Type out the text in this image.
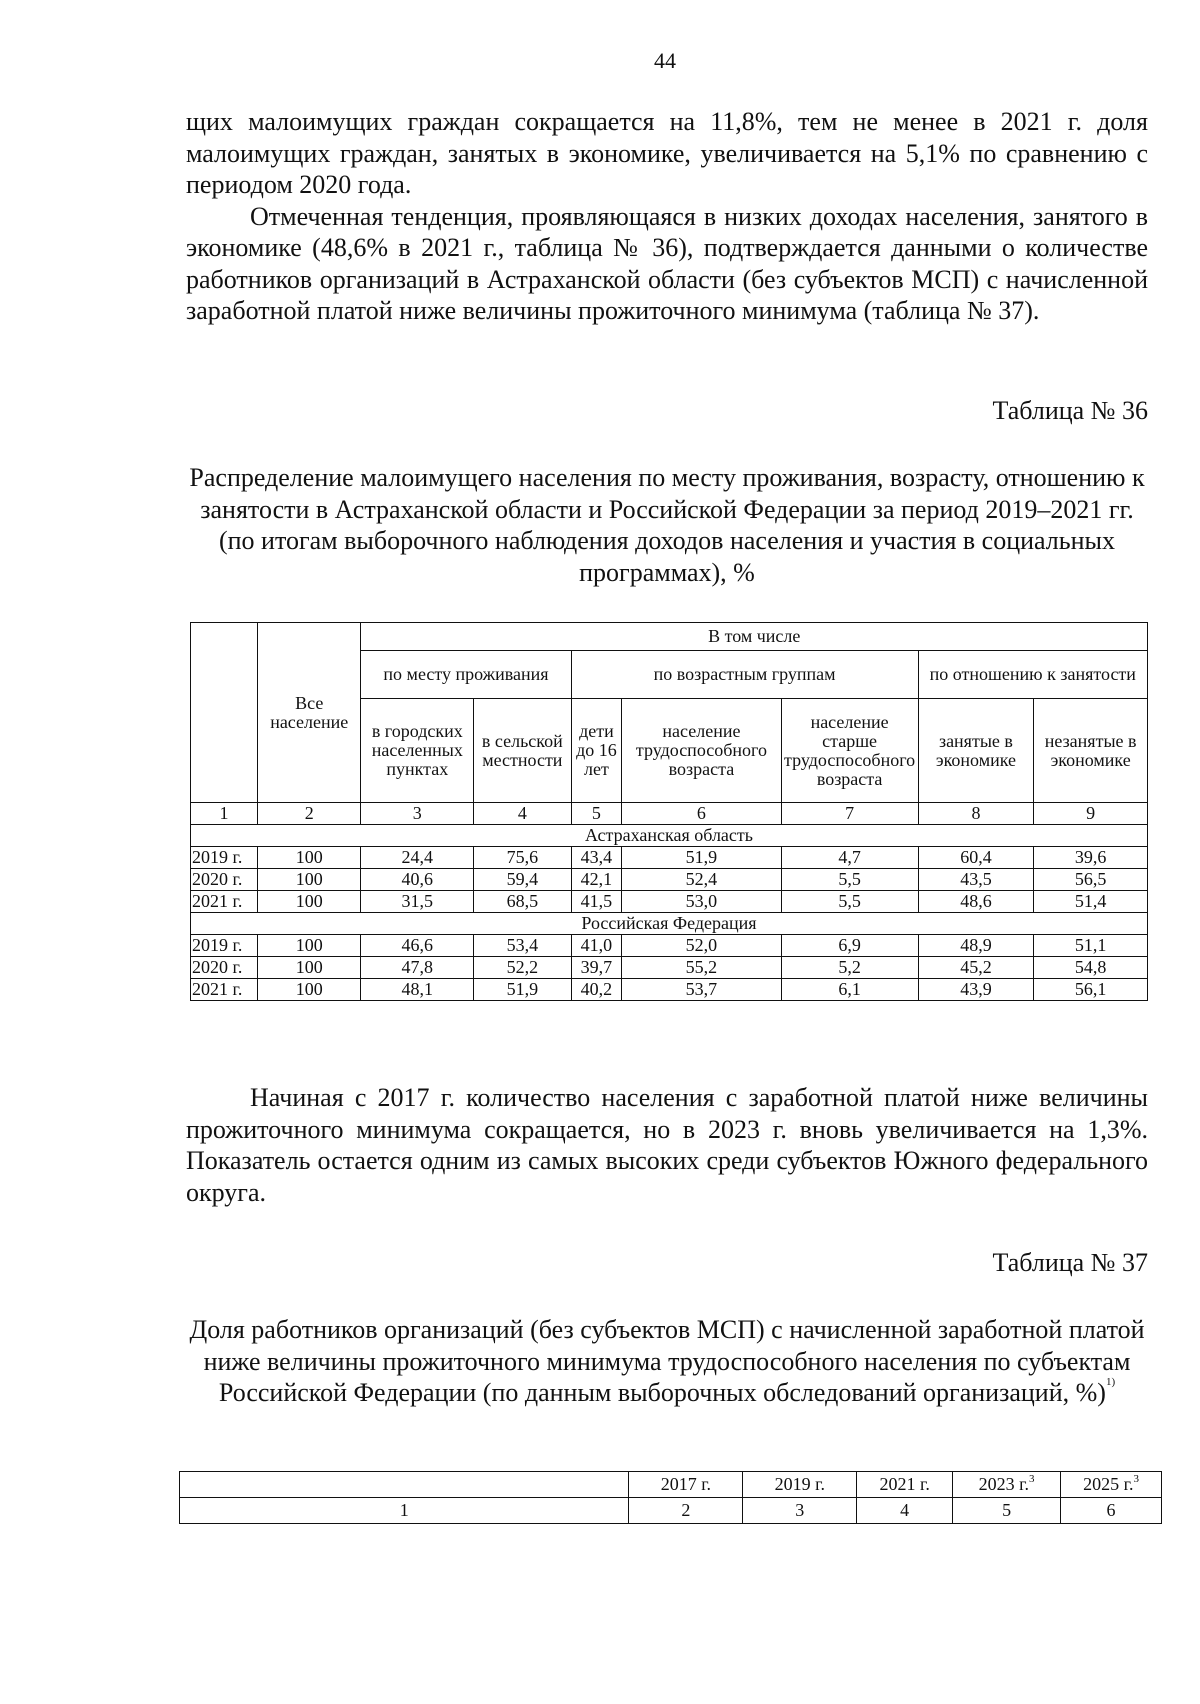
44

щих малоимущих граждан сокращается на 11,8%, тем не менее в 2021 г. доля малоимущих граждан, занятых в экономике, увеличивается на 5,1% по сравнению с периодом 2020 года.

Отмеченная тенденция, проявляющаяся в низких доходах населения, занятого в экономике (48,6% в 2021 г., таблица № 36), подтверждается данными о количестве работников организаций в Астраханской области (без субъектов МСП) с начисленной заработной платой ниже величины прожиточного минимума (таблица № 37).

Таблица № 36
Распределение малоимущего населения по месту проживания, возрасту, отношению к занятости в Астраханской области и Российской Федерации за период 2019–2021 гг. (по итогам выборочного наблюдения доходов населения и участия в социальных программах), %
	Все население	В том числе						
		по месту проживания		по возрастным группам			по отношению к занятости	
		в городских населенных пунктах	в сельской местности	дети до 16 лет	население трудоспособного возраста	население старше трудоспособного возраста	занятые в экономике	незанятые в экономике
1	2	3	4	5	6	7	8	9
Астраханская область								
2019 г.	100	24,4	75,6	43,4	51,9	4,7	60,4	39,6
2020 г.	100	40,6	59,4	42,1	52,4	5,5	43,5	56,5
2021 г.	100	31,5	68,5	41,5	53,0	5,5	48,6	51,4
Российская Федерация								
2019 г.	100	46,6	53,4	41,0	52,0	6,9	48,9	51,1
2020 г.	100	47,8	52,2	39,7	55,2	5,2	45,2	54,8
2021 г.	100	48,1	51,9	40,2	53,7	6,1	43,9	56,1

Начиная с 2017 г. количество населения с заработной платой ниже величины прожиточного минимума сокращается, но в 2023 г. вновь увеличивается на 1,3%. Показатель остается одним из самых высоких среди субъектов Южного федерального округа.

Таблица № 37
Доля работников организаций (без субъектов МСП) с начисленной заработной платой ниже величины прожиточного минимума трудоспособного населения по субъектам Российской Федерации (по данным выборочных обследований организаций, %)$^{1)}$
	2017 г.	2019 г.	2021 г.	2023 г.$^3$	2025 г.$^3$
1	2	3	4	5	6
